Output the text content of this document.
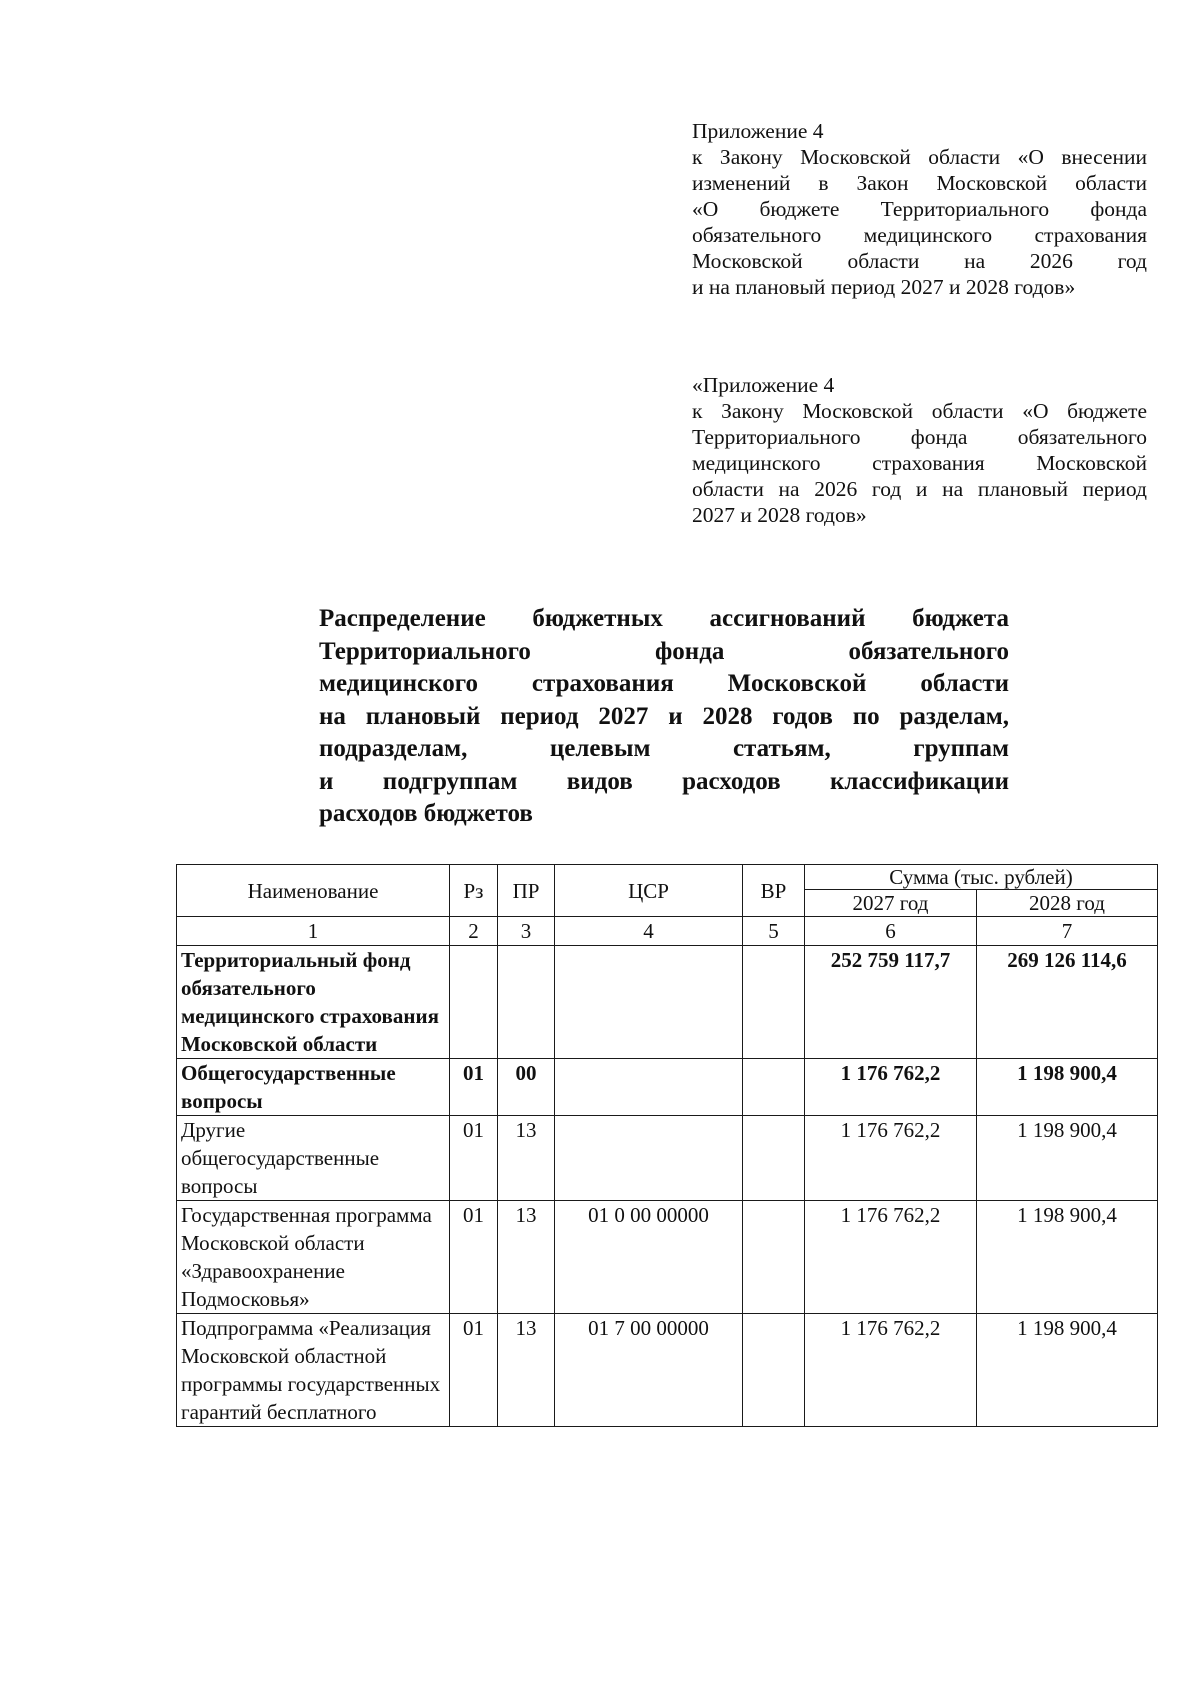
Приложение 4
к Закону Московской области «О внесении
изменений в Закон Московской области
«О бюджете Территориального фонда
обязательного медицинского страхования
Московской области на 2026 год
и на плановый период 2027 и 2028 годов»
«Приложение 4
к Закону Московской области «О бюджете
Территориального фонда обязательного
медицинского страхования Московской
области на 2026 год и на плановый период
2027 и 2028 годов»
Распределение бюджетных ассигнований бюджета
Территориального фонда обязательного
медицинского страхования Московской области
на плановый период 2027 и 2028 годов по разделам,
подразделам, целевым статьям, группам
и подгруппам видов расходов классификации
расходов бюджетов
Наименование	Рз	ПР	ЦСР	ВР	Сумма (тыс. рублей)	
					2027 год	2028 год
1	2	3	4	5	6	7
Территориальный фонд обязательного медицинского страхования Московской области					252 759 117,7	269 126 114,6
Общегосударственные вопросы	01	00			1 176 762,2	1 198 900,4
Другие общегосударственные вопросы	01	13			1 176 762,2	1 198 900,4
Государственная программа Московской области «Здравоохранение Подмосковья»	01	13	01 0 00 00000		1 176 762,2	1 198 900,4
Подпрограмма «Реализация Московской областной программы государственных гарантий бесплатного	01	13	01 7 00 00000		1 176 762,2	1 198 900,4
